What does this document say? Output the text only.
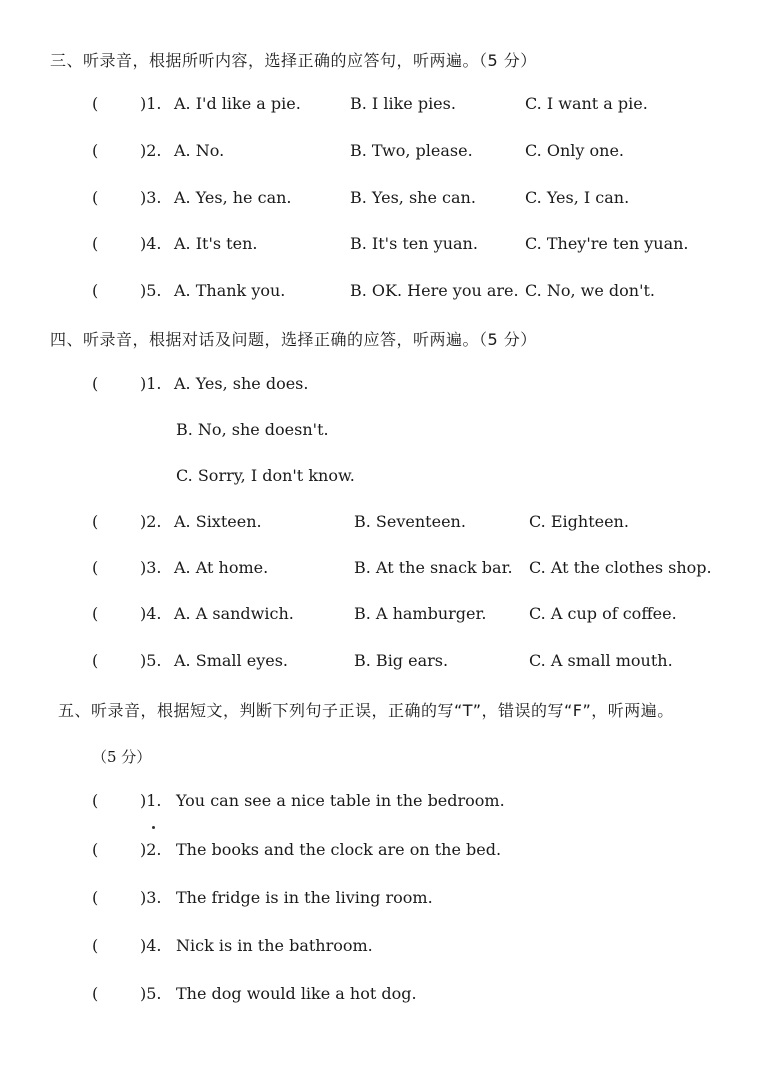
三、听录音，根据所听内容，选择正确的应答句，听两遍。（5 分）
(	)1. A. I'd like a pie.	B. I like pies.	C. I want a pie.
(	)2. A. No.	B. Two, please.	C. Only one.
(	)3. A. Yes, he can.	B. Yes, she can.	C. Yes, I can.
(	)4. A. It's ten.	B. It's ten yuan.	C. They're ten yuan.
(	)5. A. Thank you.	B. OK. Here you are. C. No, we don't.
四、听录音，根据对话及问题，选择正确的应答，听两遍。（5 分）
(	)1. A. Yes, she does.
B. No, she doesn't.
C. Sorry, I don't know.
(	)2. A. Sixteen.	B. Seventeen.	C. Eighteen.
(	)3. A. At home.	B. At the snack bar. C. At the clothes shop.
(	)4. A. A sandwich.	B. A hamburger.	C. A cup of coffee.
(	)5. A. Small eyes.	B. Big ears.	C. A small mouth.
五、听录音，根据短文，判断下列句子正误，正确的写“T”，错误的写“F”，听两遍。
（5 分）
(	)1. You can see a nice table in the bedroom.
(	)2. The books and the clock are on the bed.
(	)3. The fridge is in the living room.
(	)4. Nick is in the bathroom.
(	)5. The dog would like a hot dog.
